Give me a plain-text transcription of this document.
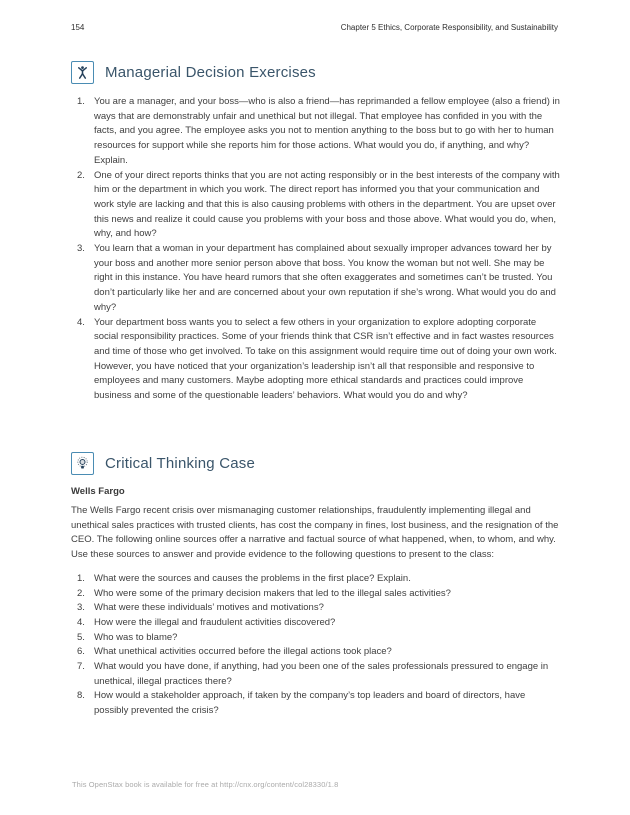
154	Chapter 5 Ethics, Corporate Responsibility, and Sustainability
Managerial Decision Exercises
You are a manager, and your boss—who is also a friend—has reprimanded a fellow employee (also a friend) in ways that are demonstrably unfair and unethical but not illegal. That employee has confided in you with the facts, and you agree. The employee asks you not to mention anything to the boss but to go with her to human resources for support while she reports him for those actions. What would you do, if anything, and why? Explain.
One of your direct reports thinks that you are not acting responsibly or in the best interests of the company with him or the department in which you work. The direct report has informed you that your communication and work style are lacking and that this is also causing problems with others in the department. You are upset over this news and realize it could cause you problems with your boss and those above. What would you do, when, why, and how?
You learn that a woman in your department has complained about sexually improper advances toward her by your boss and another more senior person above that boss. You know the woman but not well. She may be right in this instance. You have heard rumors that she often exaggerates and sometimes can’t be trusted. You don’t particularly like her and are concerned about your own reputation if she’s wrong. What would you do and why?
Your department boss wants you to select a few others in your organization to explore adopting corporate social responsibility practices. Some of your friends think that CSR isn’t effective and in fact wastes resources and time of those who get involved. To take on this assignment would require time out of doing your own work. However, you have noticed that your organization’s leadership isn’t all that responsible and responsive to employees and many customers. Maybe adopting more ethical standards and practices could improve business and some of the questionable leaders’ behaviors. What would you do and why?
Critical Thinking Case
Wells Fargo

The Wells Fargo recent crisis over mismanaging customer relationships, fraudulently implementing illegal and unethical sales practices with trusted clients, has cost the company in fines, lost business, and the resignation of the CEO. The following online sources offer a narrative and factual source of what happened, when, to whom, and why. Use these sources to answer and provide evidence to the following questions to present to the class:

What were the sources and causes the problems in the first place? Explain.
Who were some of the primary decision makers that led to the illegal sales activities?
What were these individuals’ motives and motivations?
How were the illegal and fraudulent activities discovered?
Who was to blame?
What unethical activities occurred before the illegal actions took place?
What would you have done, if anything, had you been one of the sales professionals pressured to engage in unethical, illegal practices there?
How would a stakeholder approach, if taken by the company’s top leaders and board of directors, have possibly prevented the crisis?
This OpenStax book is available for free at http://cnx.org/content/col28330/1.8
